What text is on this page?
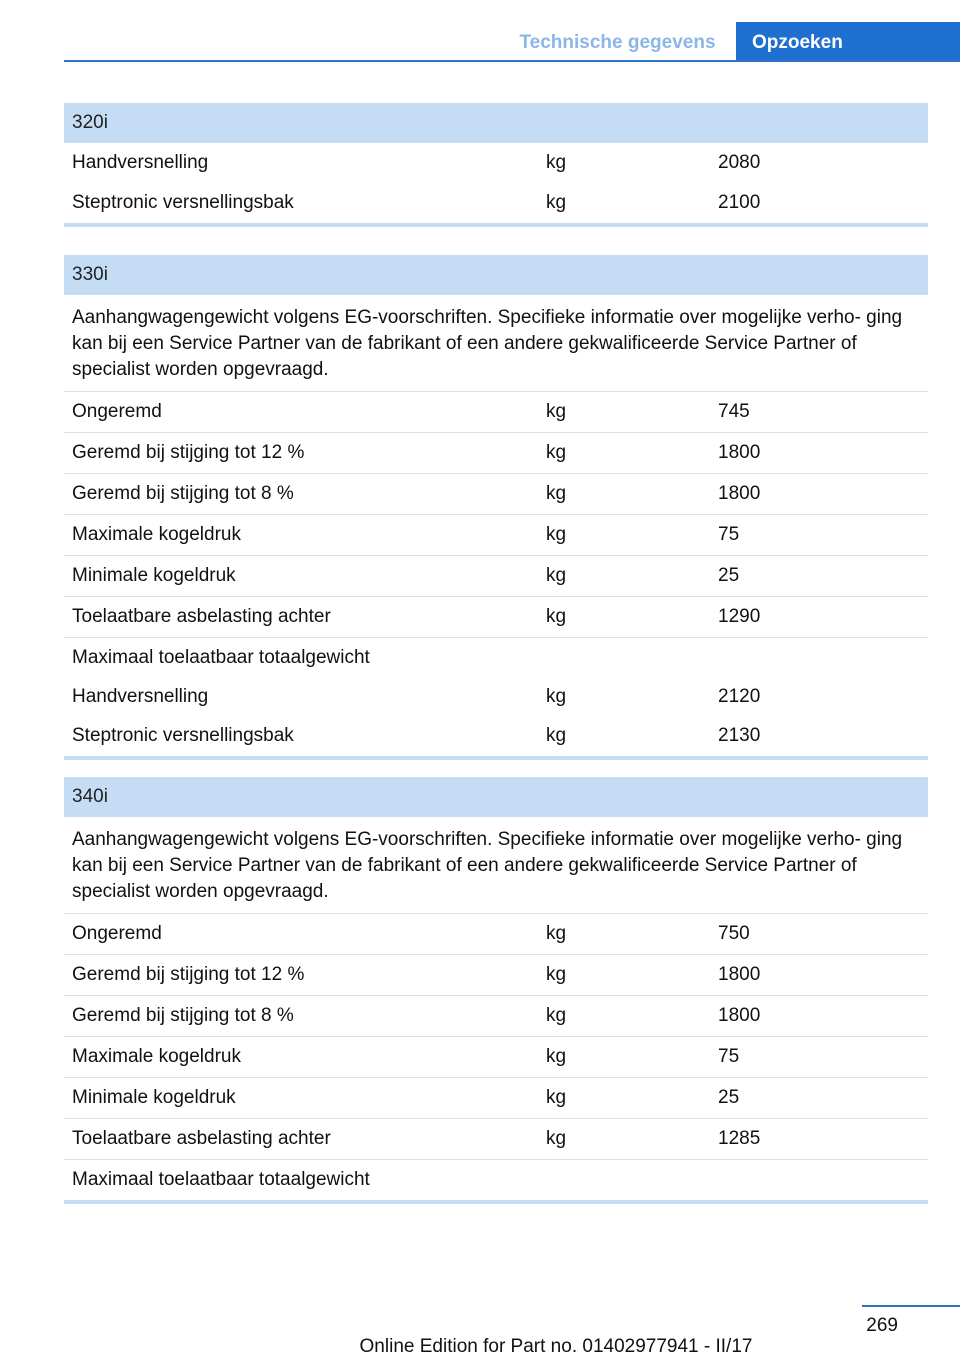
Technische gegevens	Opzoeken
320i
Handversnelling	kg	2080
Steptronic versnellingsbak	kg	2100
330i
Aanhangwagengewicht volgens EG-voorschriften. Specifieke informatie over mogelijke verho- ging kan bij een Service Partner van de fabrikant of een andere gekwalificeerde Service Partner of specialist worden opgevraagd.
Ongeremd	kg	745
Geremd bij stijging tot 12 %	kg	1800
Geremd bij stijging tot 8 %	kg	1800
Maximale kogeldruk	kg	75
Minimale kogeldruk	kg	25
Toelaatbare asbelasting achter	kg	1290
Maximaal toelaatbaar totaalgewicht
Handversnelling	kg	2120
Steptronic versnellingsbak	kg	2130
340i
Aanhangwagengewicht volgens EG-voorschriften. Specifieke informatie over mogelijke verho- ging kan bij een Service Partner van de fabrikant of een andere gekwalificeerde Service Partner of specialist worden opgevraagd.
Ongeremd	kg	750
Geremd bij stijging tot 12 %	kg	1800
Geremd bij stijging tot 8 %	kg	1800
Maximale kogeldruk	kg	75
Minimale kogeldruk	kg	25
Toelaatbare asbelasting achter	kg	1285
Maximaal toelaatbaar totaalgewicht
269
Online Edition for Part no. 01402977941 - II/17
